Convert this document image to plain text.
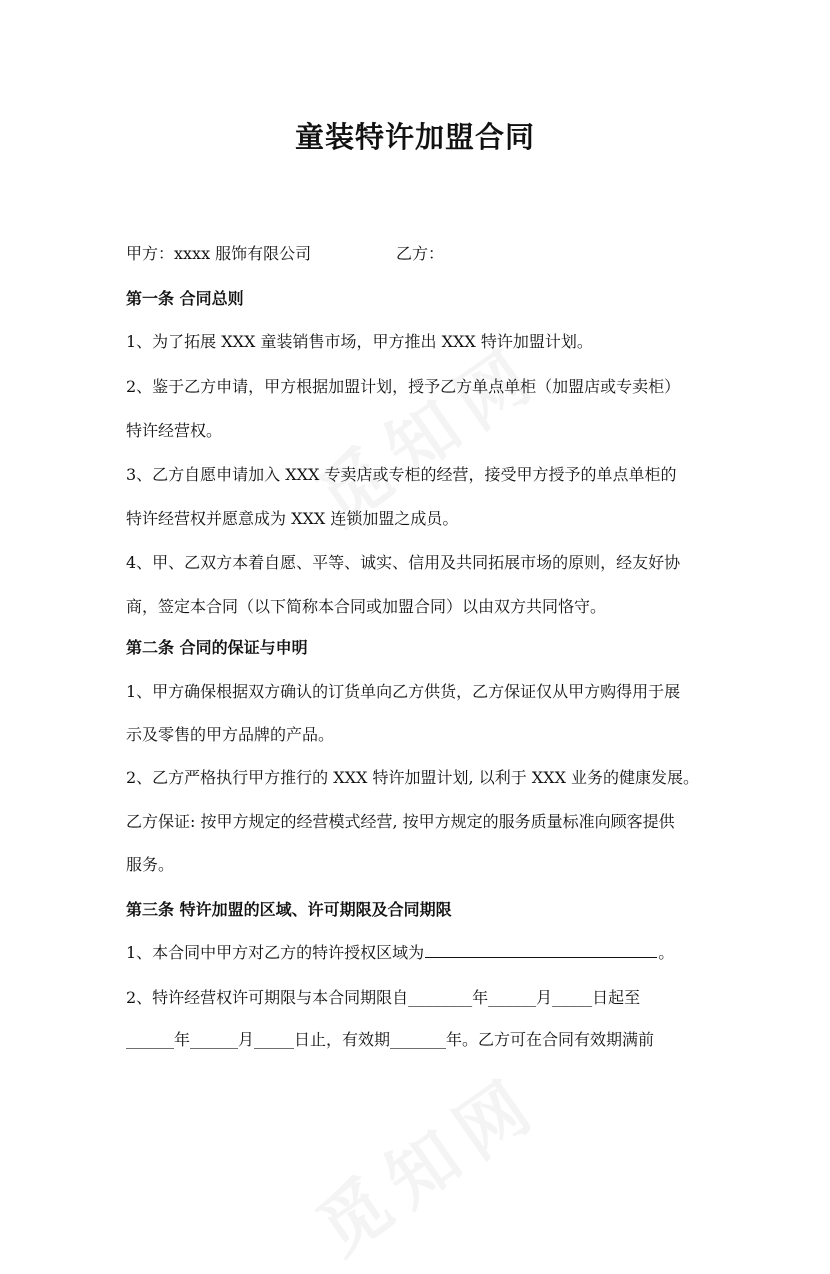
童装特许加盟合同
甲方：xxxx 服饰有限公司	乙方：
第一条 合同总则
1、为了拓展 XXX 童装销售市场，甲方推出 XXX 特许加盟计划。
2、鉴于乙方申请，甲方根据加盟计划，授予乙方单点单柜（加盟店或专卖柜）
特许经营权。
3、乙方自愿申请加入 XXX 专卖店或专柜的经营，接受甲方授予的单点单柜的
特许经营权并愿意成为 XXX 连锁加盟之成员。
4、甲、乙双方本着自愿、平等、诚实、信用及共同拓展市场的原则，经友好协
商，签定本合同（以下简称本合同或加盟合同）以由双方共同恪守。
第二条 合同的保证与申明
1、甲方确保根据双方确认的订货单向乙方供货，乙方保证仅从甲方购得用于展
示及零售的甲方品牌的产品。
2、乙方严格执行甲方推行的 XXX 特许加盟计划, 以利于 XXX 业务的健康发展。
乙方保证: 按甲方规定的经营模式经营, 按甲方规定的服务质量标准向顾客提供
服务。
第三条 特许加盟的区域、许可期限及合同期限
1、本合同中甲方对乙方的特许授权区域为	。
2、特许经营权许可期限与本合同期限自________年______月_____日起至
______年______月_____日止，有效期_______年。乙方可在合同有效期满前
